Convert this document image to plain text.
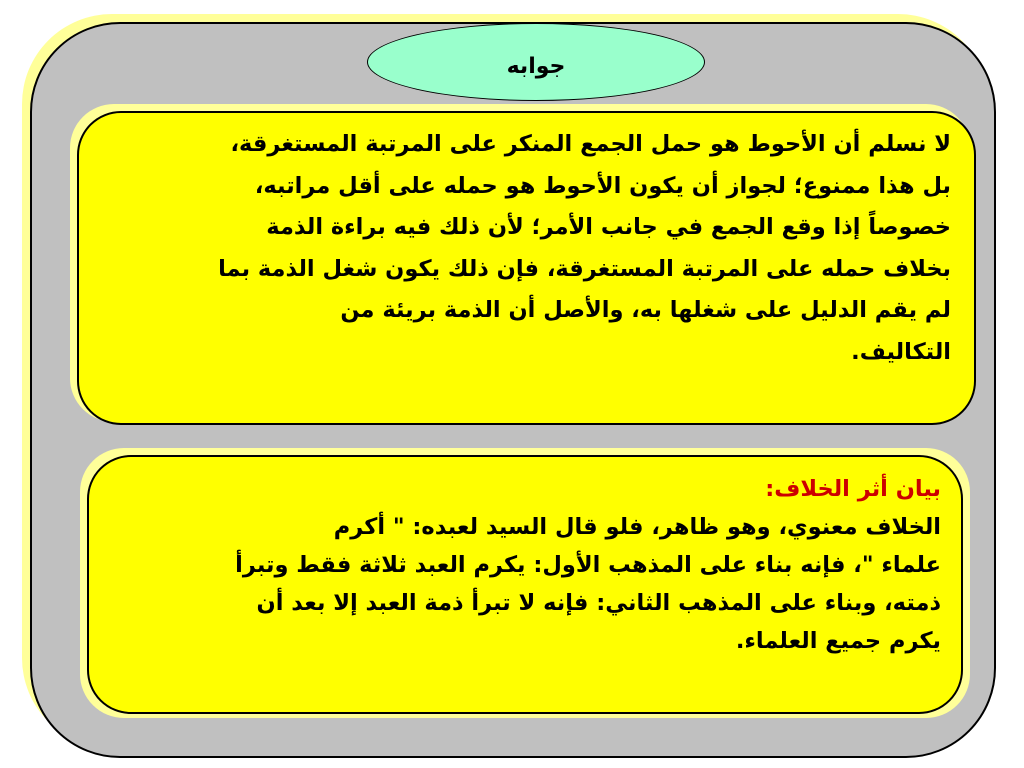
جوابه

لا نسلم أن الأحوط هو حمل الجمع المنكر على المرتبة المستغرقة،

بل هذا ممنوع؛ لجواز أن يكون الأحوط هو حمله على أقل مراتبه،

خصوصاً إذا وقع الجمع في جانب الأمر؛ لأن ذلك فيه براءة الذمة

بخلاف حمله على المرتبة المستغرقة، فإن ذلك يكون شغل الذمة بما

لم يقم الدليل على شغلها به، والأصل أن الذمة بريئة من

التكاليف.

بيان أثر الخلاف:

الخلاف معنوي، وهو ظاهر، فلو قال السيد لعبده: " أكرم

علماء "، فإنه بناء على المذهب الأول: يكرم العبد ثلاثة فقط وتبرأ

ذمته، وبناء على المذهب الثاني: فإنه لا تبرأ ذمة العبد إلا بعد أن

يكرم جميع العلماء.
